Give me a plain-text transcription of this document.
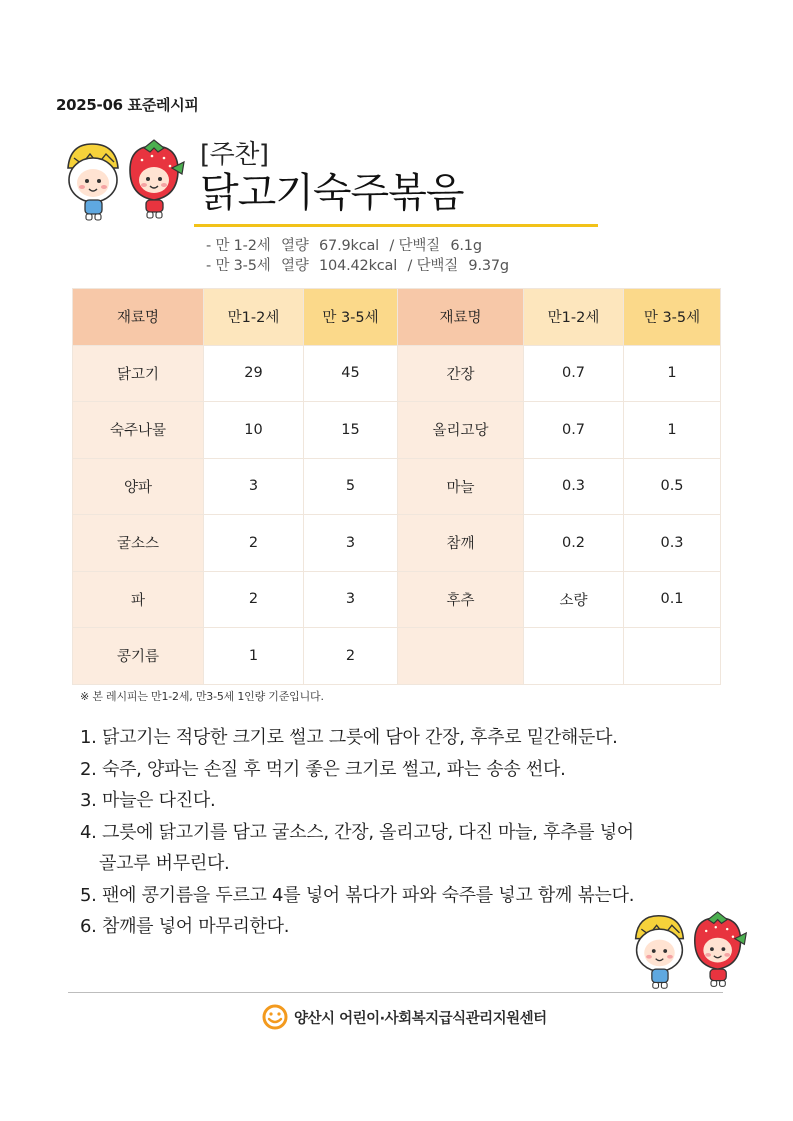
2025-06 표준레시피
[주찬]
닭고기숙주볶음
- 만 1-2세 열량 67.9kcal / 단백질 6.1g
- 만 3-5세 열량 104.42kcal / 단백질 9.37g
재료명	만1-2세	만 3-5세	재료명	만1-2세	만 3-5세
닭고기	29	45	간장	0.7	1
숙주나물	10	15	올리고당	0.7	1
양파	3	5	마늘	0.3	0.5
굴소스	2	3	참깨	0.2	0.3
파	2	3	후추	소량	0.1
콩기름	1	2			
※ 본 레시피는 만1-2세, 만3-5세 1인량 기준입니다.
1. 닭고기는 적당한 크기로 썰고 그릇에 담아 간장, 후추로 밑간해둔다.
2. 숙주, 양파는 손질 후 먹기 좋은 크기로 썰고, 파는 송송 썬다.
3. 마늘은 다진다.
4. 그릇에 닭고기를 담고 굴소스, 간장, 올리고당, 다진 마늘, 후추를 넣어
골고루 버무린다.
5. 팬에 콩기름을 두르고 4를 넣어 볶다가 파와 숙주를 넣고 함께 볶는다.
6. 참깨를 넣어 마무리한다.
양산시 어린이·사회복지급식관리지원센터
